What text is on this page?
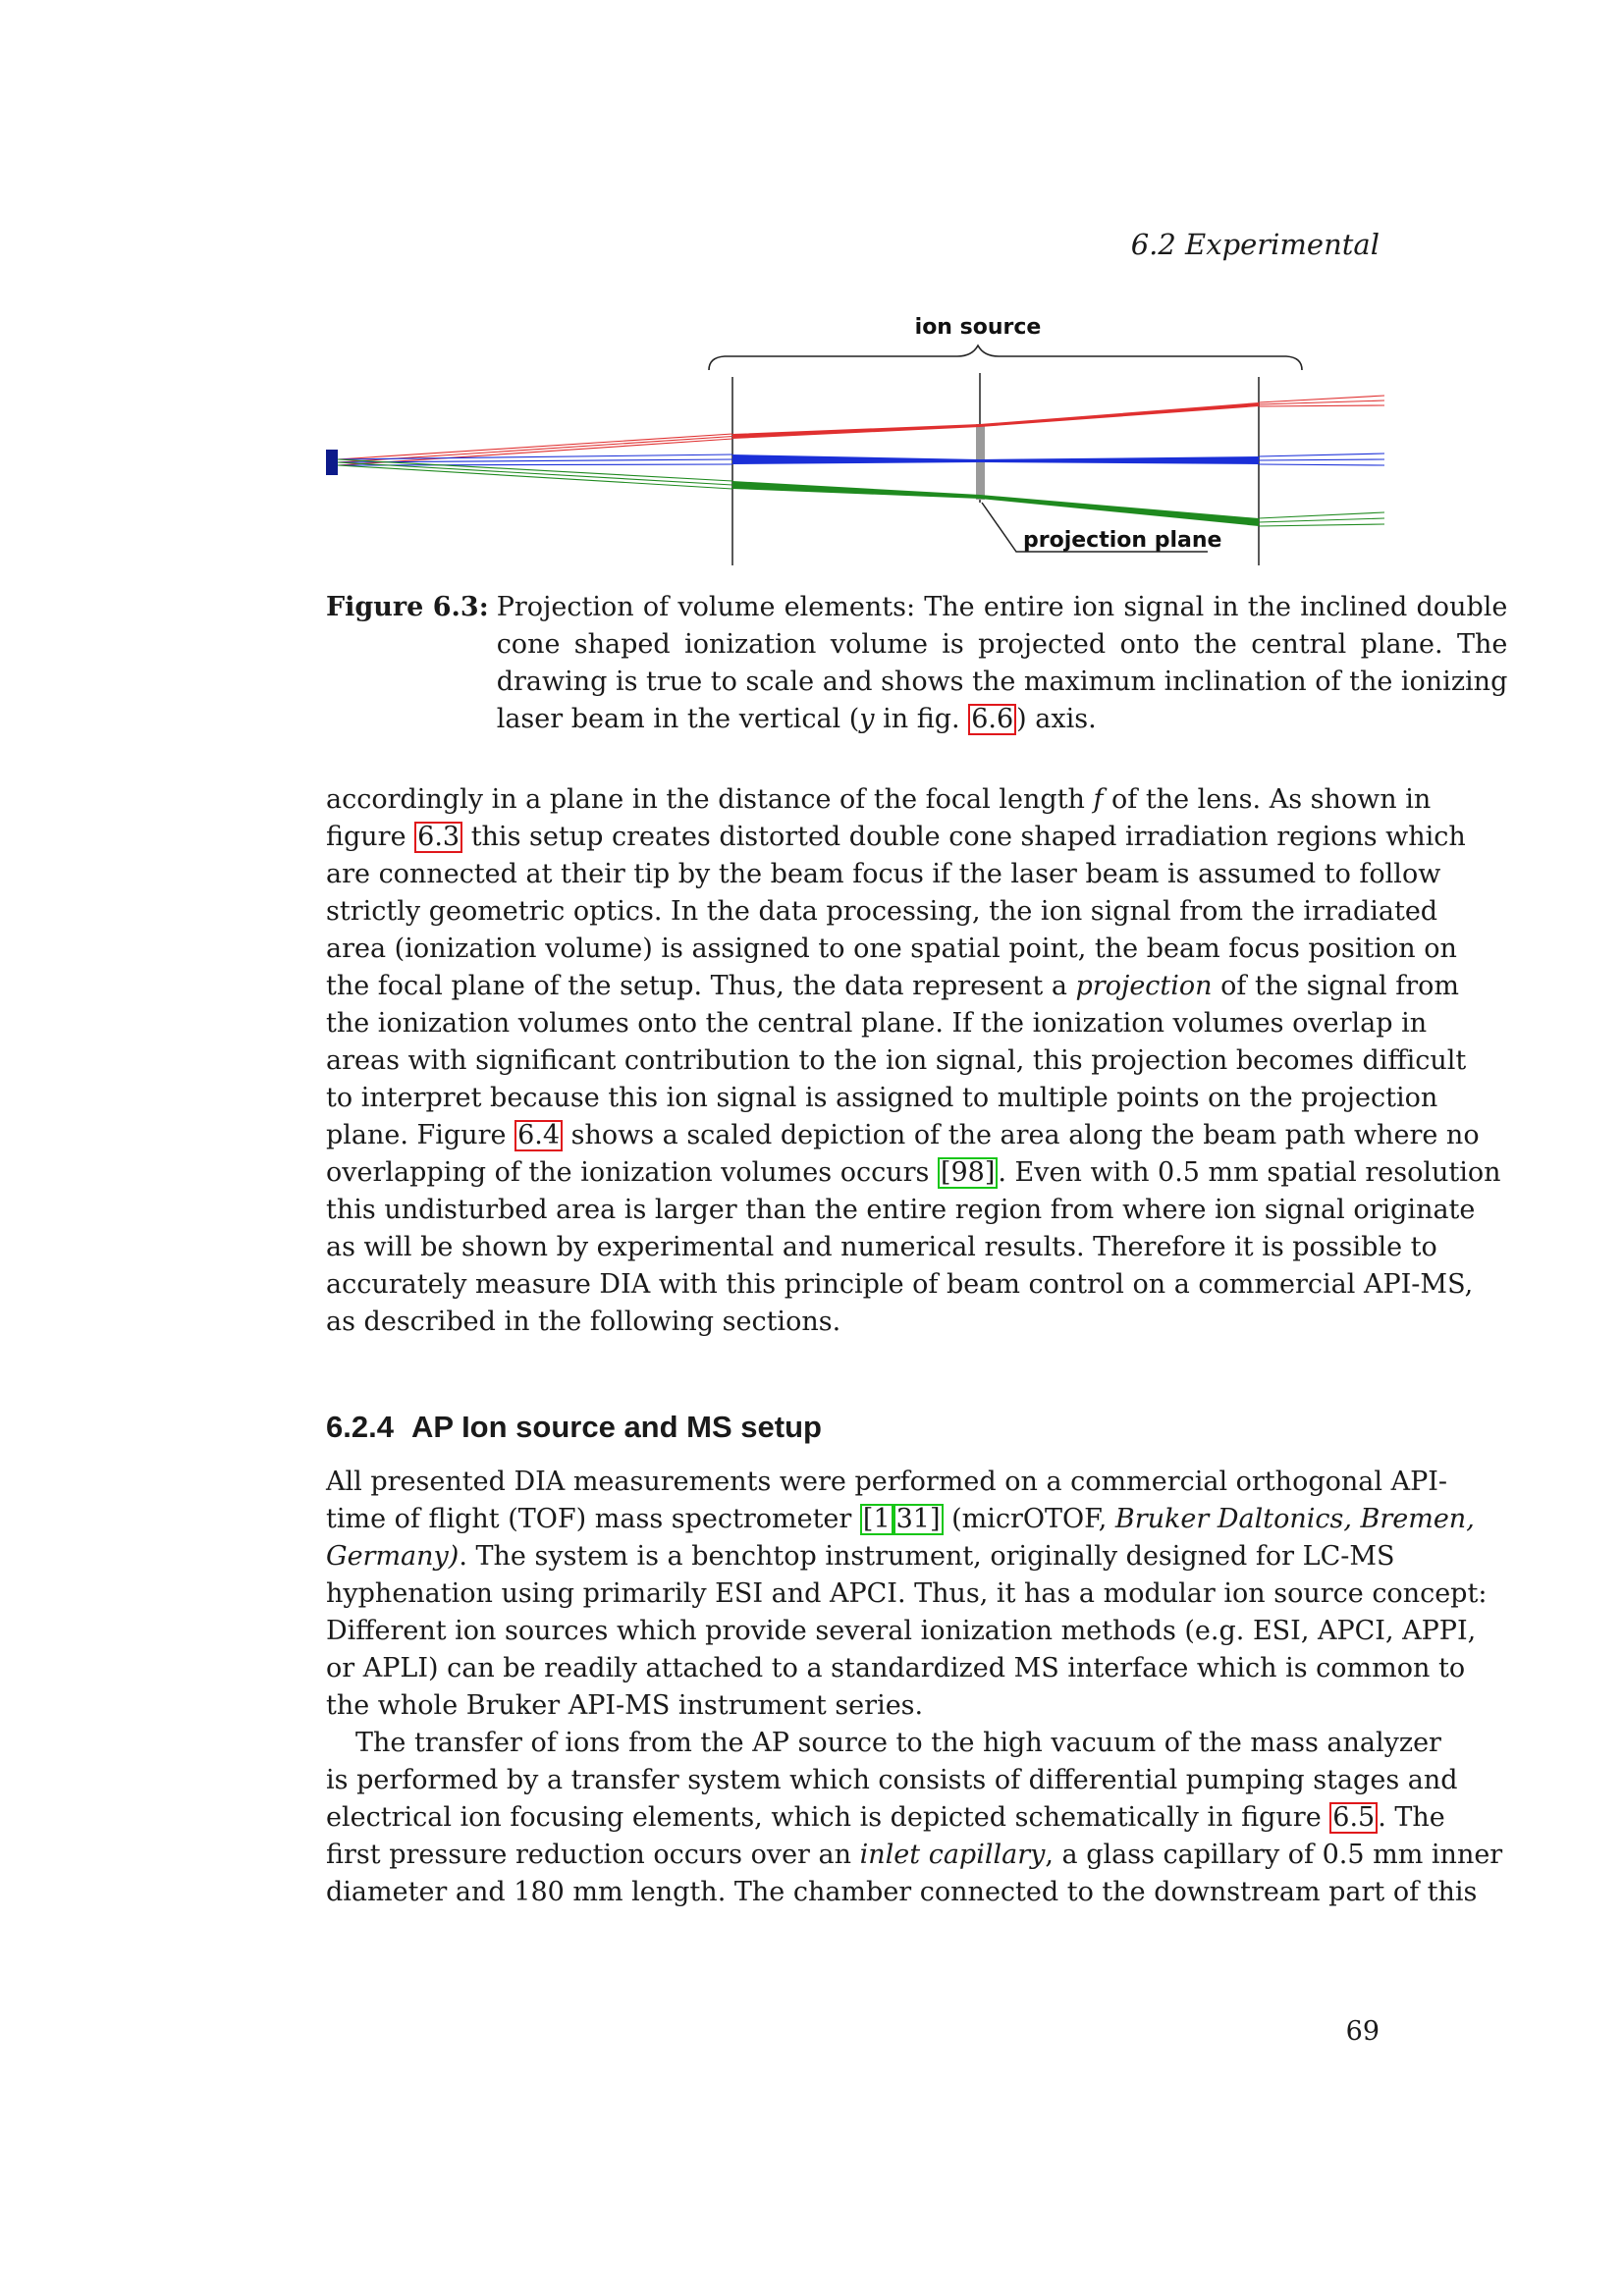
6.2 Experimental
ion source
projection plane
Figure 6.3: Projection of volume elements: The entire ion signal in the inclined double
cone shaped ionization volume is projected onto the central plane. The
drawing is true to scale and shows the maximum inclination of the ionizing
laser beam in the vertical (y in fig. 6.6 ) axis.
accordingly in a plane in the distance of the focal length f of the lens. As shown in
figure 6.3 this setup creates distorted double cone shaped irradiation regions which
are connected at their tip by the beam focus if the laser beam is assumed to follow
strictly geometric optics. In the data processing, the ion signal from the irradiated
area (ionization volume) is assigned to one spatial point, the beam focus position on
the focal plane of the setup. Thus, the data represent a projection of the signal from
the ionization volumes onto the central plane. If the ionization volumes overlap in
areas with significant contribution to the ion signal, this projection becomes difficult
to interpret because this ion signal is assigned to multiple points on the projection
plane. Figure 6.4 shows a scaled depiction of the area along the beam path where no
overlapping of the ionization volumes occurs [98] . Even with 0.5 mm spatial resolution
this undisturbed area is larger than the entire region from where ion signal originate
as will be shown by experimental and numerical results. Therefore it is possible to
accurately measure DIA with this principle of beam control on a commercial API-MS,
as described in the following sections.
6.2.4 AP Ion source and MS setup
All presented DIA measurements were performed on a commercial orthogonal API-
time of flight (TOF) mass spectrometer [1 31] (micrOTOF, Bruker Daltonics, Bremen,
Germany). The system is a benchtop instrument, originally designed for LC-MS
hyphenation using primarily ESI and APCI. Thus, it has a modular ion source concept:
Different ion sources which provide several ionization methods (e.g. ESI, APCI, APPI,
or APLI) can be readily attached to a standardized MS interface which is common to
the whole Bruker API-MS instrument series.
The transfer of ions from the AP source to the high vacuum of the mass analyzer
is performed by a transfer system which consists of differential pumping stages and
electrical ion focusing elements, which is depicted schematically in figure 6.5 . The
first pressure reduction occurs over an inlet capillary, a glass capillary of 0.5 mm inner
diameter and 180 mm length. The chamber connected to the downstream part of this
69
